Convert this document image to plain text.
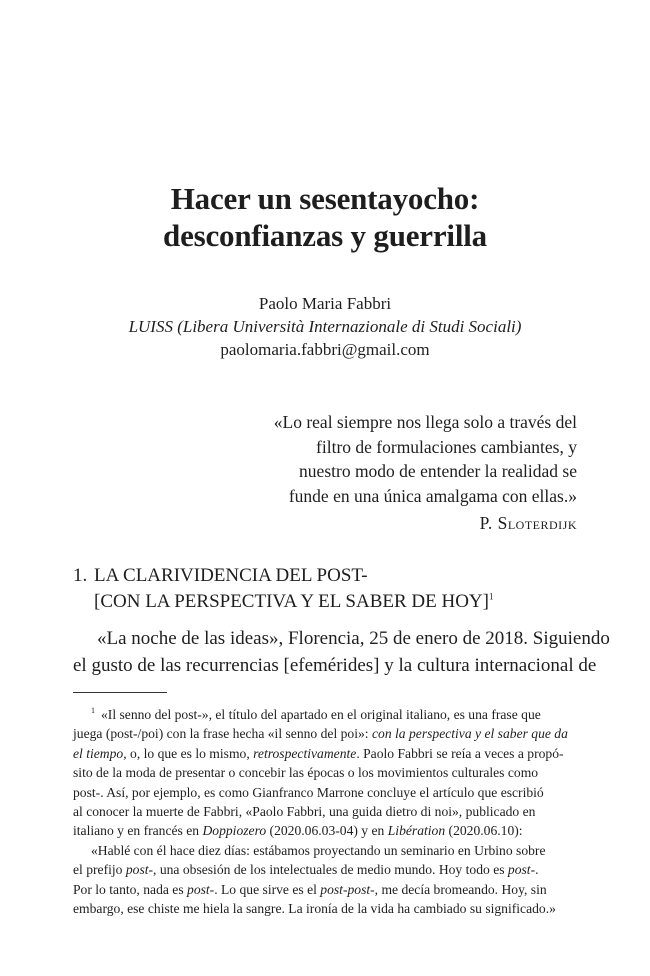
Hacer un sesentayocho:
desconfianzas y guerrilla
Paolo Maria Fabbri
LUISS (Libera Università Internazionale di Studi Sociali)
paolomaria.fabbri@gmail.com
«Lo real siempre nos llega solo a través del
filtro de formulaciones cambiantes, y
nuestro modo de entender la realidad se
funde en una única amalgama con ellas.»
P. Sloterdijk
1. LA CLARIVIDENCIA DEL POST-
[CON LA PERSPECTIVA Y EL SABER DE HOY]$^1$
«La noche de las ideas», Florencia, 25 de enero de 2018. Siguiendo
el gusto de las recurrencias [efemérides] y la cultura internacional de
$^1$ «Il senno del post-», el título del apartado en el original italiano, es una frase que
juega (post-/poi) con la frase hecha «il senno del poi»: con la perspectiva y el saber que da
el tiempo, o, lo que es lo mismo, retrospectivamente. Paolo Fabbri se reía a veces a propó-
sito de la moda de presentar o concebir las épocas o los movimientos culturales como
post-. Así, por ejemplo, es como Gianfranco Marrone concluye el artículo que escribió
al conocer la muerte de Fabbri, «Paolo Fabbri, una guida dietro di noi», publicado en
italiano y en francés en Doppiozero (2020.06.03-04) y en Libération (2020.06.10):
«Hablé con él hace diez días: estábamos proyectando un seminario en Urbino sobre
el prefijo post-, una obsesión de los intelectuales de medio mundo. Hoy todo es post-.
Por lo tanto, nada es post-. Lo que sirve es el post-post-, me decía bromeando. Hoy, sin
embargo, ese chiste me hiela la sangre. La ironía de la vida ha cambiado su significado.»
